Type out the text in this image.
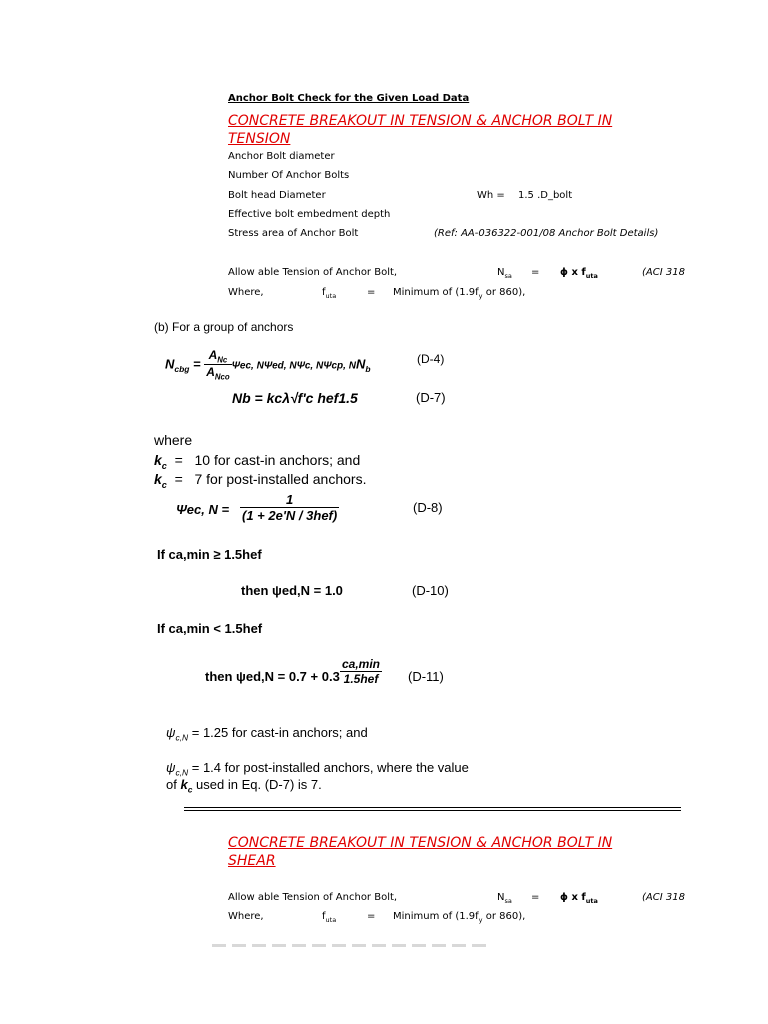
Anchor Bolt Check for the Given Load Data
CONCRETE BREAKOUT IN TENSION & ANCHOR BOLT IN
TENSION
Anchor Bolt diameter
Number Of Anchor Bolts
Bolt head Diameter	Wh = 1.5 .D_bolt
Effective bolt embedment depth
Stress area of Anchor Bolt	(Ref: AA-036322-001/08 Anchor Bolt Details)
Allow able Tension of Anchor Bolt,	$N_{sa} = \phi$ x $f_{uta}$	(ACI 318
Where,	$f_{uta}$	= Minimum of ($1.9f_y$ or 860),
(b) For a group of anchors
$N_{cbg} = \frac{A_{Nc}}{A_{Nco}} \Psi ec$, NΨed, NΨc, NΨcp, $NN_b$
(D-4)
Nb = kcλ√f'c hef1.5	(D-7)
where
$k_c = 10$ for cast-in anchors; and
$k_c = 7$ for post-installed anchors.
Ψec, N =
1
(1 + 2e'N / 3hef)
(D-8)
If ca,min ≥ 1.5hef
then ψed,N = 1.0	(D-10)
If ca,min < 1.5hef
then ψed,N = 0.7 + 0.3
ca,min
1.5hef (D-11)
$\psi_{c,N} = 1.25$ for cast-in anchors; and
$\psi_{c,N} = 1.4$ for post-installed anchors, where the value
of $k_c$ used in Eq. (D-7) is 7.
CONCRETE BREAKOUT IN TENSION & ANCHOR BOLT IN
SHEAR
Allow able Tension of Anchor Bolt,	$N_{sa} = \phi$ x $f_{uta}$	(ACI 318
Where,	$f_{uta}$	= Minimum of ($1.9f_y$ or 860),
